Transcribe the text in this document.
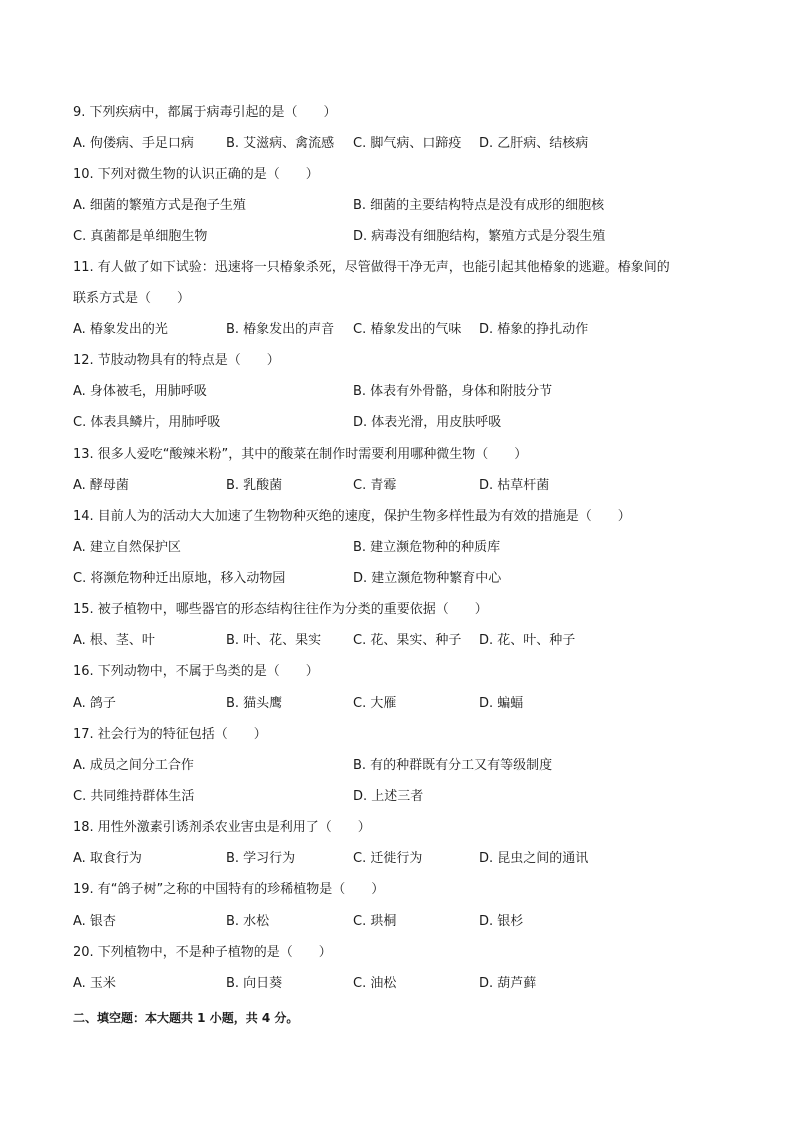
9. 下列疾病中，都属于病毒引起的是（　　）
A. 佝偻病、手足口病 B. 艾滋病、禽流感 C. 脚气病、口蹄疫 D. 乙肝病、结核病
10. 下列对微生物的认识正确的是（　　）
A. 细菌的繁殖方式是孢子生殖	B. 细菌的主要结构特点是没有成形的细胞核
C. 真菌都是单细胞生物	D. 病毒没有细胞结构，繁殖方式是分裂生殖
11. 有人做了如下试验：迅速将一只椿象杀死，尽管做得干净无声，也能引起其他椿象的逃避。椿象间的
联系方式是（　　）
A. 椿象发出的光	B. 椿象发出的声音 C. 椿象发出的气味 D. 椿象的挣扎动作
12. 节肢动物具有的特点是（　　）
A. 身体被毛，用肺呼吸	B. 体表有外骨骼，身体和附肢分节
C. 体表具鳞片，用肺呼吸	D. 体表光滑，用皮肤呼吸
13. 很多人爱吃“酸辣米粉”，其中的酸菜在制作时需要利用哪种微生物（　　）
A. 酵母菌	B. 乳酸菌	C. 青霉	D. 枯草杆菌
14. 目前人为的活动大大加速了生物物种灭绝的速度，保护生物多样性最为有效的措施是（　　）
A. 建立自然保护区	B. 建立濒危物种的种质库
C. 将濒危物种迁出原地，移入动物园	D. 建立濒危物种繁育中心
15. 被子植物中，哪些器官的形态结构往往作为分类的重要依据（　　）
A. 根、茎、叶	B. 叶、花、果实 C. 花、果实、种子 D. 花、叶、种子
16. 下列动物中，不属于鸟类的是（　　）
A. 鸽子	B. 猫头鹰	C. 大雁	D. 蝙蝠
17. 社会行为的特征包括（　　）
A. 成员之间分工合作	B. 有的种群既有分工又有等级制度
C. 共同维持群体生活	D. 上述三者
18. 用性外激素引诱剂杀农业害虫是利用了（　　）
A. 取食行为	B. 学习行为	C. 迁徙行为	D. 昆虫之间的通讯
19. 有“鸽子树”之称的中国特有的珍稀植物是（　　）
A. 银杏	B. 水松	C. 珙桐	D. 银杉
20. 下列植物中，不是种子植物的是（　　）
A. 玉米	B. 向日葵	C. 油松	D. 葫芦藓
二、填空题：本大题共 1 小题，共 4 分。
